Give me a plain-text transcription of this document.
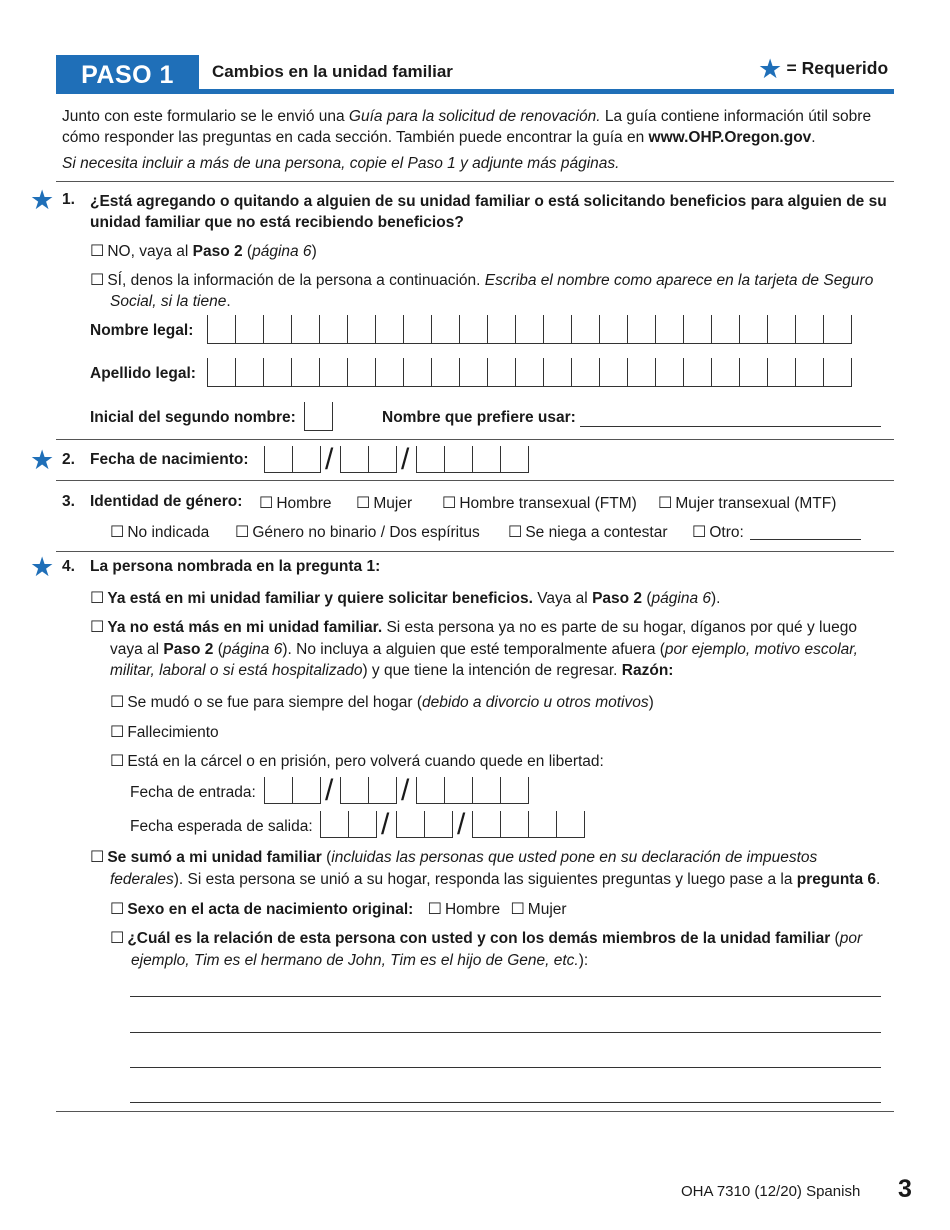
PASO 1	Cambios en la unidad familiar	★ = Requerido
Junto con este formulario se le envió una Guía para la solicitud de renovación. La guía contiene información útil sobre
cómo responder las preguntas en cada sección. También puede encontrar la guía en www.OHP.Oregon.gov.
Si necesita incluir a más de una persona, copie el Paso 1 y adjunte más páginas.
★ 1. ¿Está agregando o quitando a alguien de su unidad familiar o está solicitando beneficios para alguien de su
unidad familiar que no está recibiendo beneficios?
☐NO, vaya al Paso 2 (página 6)
☐SÍ, denos la información de la persona a continuación. Escriba el nombre como aparece en la tarjeta de Seguro
Social, si la tiene.
Nombre legal:
Apellido legal:
Inicial del segundo nombre:	Nombre que prefiere usar:
★ 2. Fecha de nacimiento:	/ /
3. Identidad de género: ☐	Hombre ☐	Mujer ☐	Hombre transexual (FTM) ☐	Mujer transexual (MTF)
☐No indicada ☐	Género no binario / Dos espíritus ☐	Se niega a contestar ☐	Otro:
★ 4. La persona nombrada en la pregunta 1:
☐Ya está en mi unidad familiar y quiere solicitar beneficios. Vaya al Paso 2 (página 6).
☐Ya no está más en mi unidad familiar. Si esta persona ya no es parte de su hogar, díganos por qué y luego
vaya al Paso 2 (página 6). No incluya a alguien que esté temporalmente afuera (por ejemplo, motivo escolar,
militar, laboral o si está hospitalizado) y que tiene la intención de regresar. Razón:
☐Se mudó o se fue para siempre del hogar (debido a divorcio u otros motivos)
☐Fallecimiento
☐Está en la cárcel o en prisión, pero volverá cuando quede en libertad:
Fecha de entrada: / /
Fecha esperada de salida: / /
☐Se sumó a mi unidad familiar (incluidas las personas que usted pone en su declaración de impuestos
federales). Si esta persona se unió a su hogar, responda las siguientes preguntas y luego pase a la pregunta 6.
☐Sexo en el acta de nacimiento original: ☐ Hombre ☐ Mujer
☐¿Cuál es la relación de esta persona con usted y con los demás miembros de la unidad familiar (por
ejemplo, Tim es el hermano de John, Tim es el hijo de Gene, etc.):
OHA 7310 (12/20) Spanish 3
